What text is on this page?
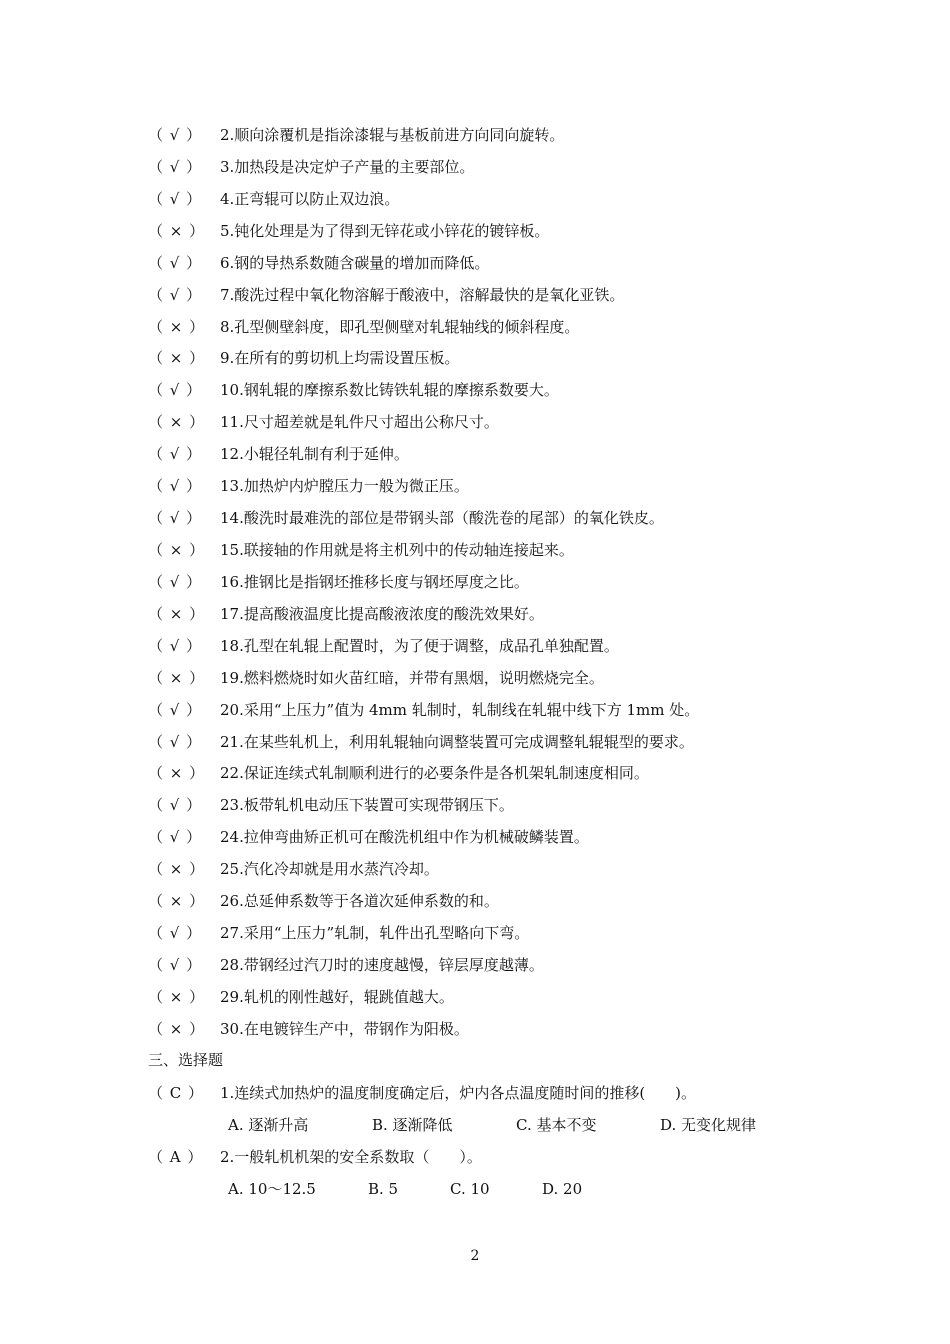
（ √ ） 2.顺向涂覆机是指涂漆辊与基板前进方向同向旋转。
（ √ ） 3.加热段是决定炉子产量的主要部位。
（ √ ） 4.正弯辊可以防止双边浪。
（ × ） 5.钝化处理是为了得到无锌花或小锌花的镀锌板。
（ √ ） 6.钢的导热系数随含碳量的增加而降低。
（ √ ） 7.酸洗过程中氧化物溶解于酸液中，溶解最快的是氧化亚铁。
（ × ） 8.孔型侧壁斜度，即孔型侧壁对轧辊轴线的倾斜程度。
（ × ） 9.在所有的剪切机上均需设置压板。
（ √ ） 10.钢轧辊的摩擦系数比铸铁轧辊的摩擦系数要大。
（ × ） 11.尺寸超差就是轧件尺寸超出公称尺寸。
（ √ ） 12.小辊径轧制有利于延伸。
（ √ ） 13.加热炉内炉膛压力一般为微正压。
（ √ ） 14.酸洗时最难洗的部位是带钢头部（酸洗卷的尾部）的氧化铁皮。
（ × ） 15.联接轴的作用就是将主机列中的传动轴连接起来。
（ √ ） 16.推钢比是指钢坯推移长度与钢坯厚度之比。
（ × ） 17.提高酸液温度比提高酸液浓度的酸洗效果好。
（ √ ） 18.孔型在轧辊上配置时，为了便于调整，成品孔单独配置。
（ × ） 19.燃料燃烧时如火苗红暗，并带有黑烟，说明燃烧完全。
（ √ ） 20.采用“上压力”值为 4mm 轧制时，轧制线在轧辊中线下方 1mm 处。
（ √ ） 21.在某些轧机上，利用轧辊轴向调整装置可完成调整轧辊辊型的要求。
（ × ） 22.保证连续式轧制顺利进行的必要条件是各机架轧制速度相同。
（ √ ） 23.板带轧机电动压下装置可实现带钢压下。
（ √ ） 24.拉伸弯曲矫正机可在酸洗机组中作为机械破鳞装置。
（ × ） 25.汽化冷却就是用水蒸汽冷却。
（ × ） 26.总延伸系数等于各道次延伸系数的和。
（ √ ） 27.采用“上压力”轧制，轧件出孔型略向下弯。
（ √ ） 28.带钢经过汽刀时的速度越慢，锌层厚度越薄。
（ × ） 29.轧机的刚性越好，辊跳值越大。
（ × ） 30.在电镀锌生产中，带钢作为阳极。
三、选择题
（ C ） 1.连续式加热炉的温度制度确定后，炉内各点温度随时间的推移(　　)。
A. 逐渐升高	B. 逐渐降低	C. 基本不变	D. 无变化规律
（ A ） 2.一般轧机机架的安全系数取（　　）。
A. 10～12.5	B. 5	C. 10	D. 20
2
